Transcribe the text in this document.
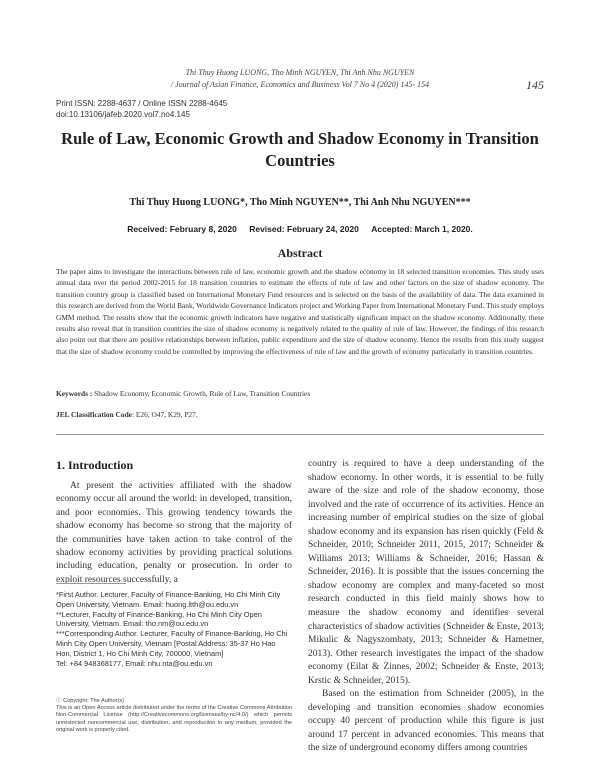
Thi Thuy Huong LUONG, Tho Minh NGUYEN, Thi Anh Nhu NGUYEN
/ Journal of Asian Finance, Economics and Business Vol 7 No 4 (2020) 145- 154	145
Print ISSN: 2288-4637 / Online ISSN 2288-4645
doi:10.13106/jafeb.2020.vol7.no4.145
Rule of Law, Economic Growth and Shadow Economy in Transition Countries
Thi Thuy Huong LUONG*, Tho Minh NGUYEN**, Thi Anh Nhu NGUYEN***
Received: February 8, 2020 Revised: February 24, 2020 Accepted: March 1, 2020.
Abstract
The paper aims to investigate the interactions between rule of law, economic growth and the shadow economy in 18 selected transition economies. This study uses annual data over the period 2002-2015 for 18 transition countries to estimate the effects of rule of law and other factors on the size of shadow economy. The transition country group is classified based on International Monetary Fund resources and is selected on the basis of the availability of data. The data examined in this research are derived from the World Bank, Worldwide Governance Indicators project and Working Paper from International Monetary Fund. This study employs GMM method. The results show that the economic growth indicators have negative and statistically significant impact on the shadow economy. Additionally, these results also reveal that in transition countries the size of shadow economy is negatively related to the quality of rule of law. However, the findings of this research also point out that there are positive relationships between inflation, public expenditure and the size of shadow economy. Hence the results from this study suggest that the size of shadow economy could be controlled by improving the effectiveness of rule of law and the growth of economy particularly in transition countries.
Keywords : Shadow Economy, Economic Growth, Rule of Law, Transition Countries
JEL Classification Code: E26, O47, K29, P27.
1. Introduction
At present the activities affiliated with the shadow economy occur all around the world: in developed, transition, and poor economies. This growing tendency towards the shadow economy has become so strong that the majority of the communities have taken action to take control of the shadow economy activities by providing practical solutions including education, penalty or prosecution. In order to exploit resources successfully, a

country is required to have a deep understanding of the shadow economy. In other words, it is essential to be fully aware of the size and role of the shadow economy, those involved and the rate of occurrence of its activities. Hence an increasing number of empirical studies on the size of global shadow economy and its expansion has risen quickly (Feld & Schneider, 2010; Schneider 2011, 2015, 2017; Schneider & Williams 2013; Williams & Schneider, 2016; Hassan & Schneider, 2016). It is possible that the issues concerning the shadow economy are complex and many-faceted so most research conducted in this field mainly shows how to measure the shadow economy and identifies several characteristics of shadow activities (Schneider & Enste, 2013; Mikulic & Nagyszombaty, 2013; Schneider & Hametner, 2013). Other research investigates the impact of the shadow economy (Eilat & Zinnes, 2002; Schneider & Enste, 2013; Krstic & Schneider, 2015).

Based on the estimation from Schneider (2005), in the developing and transition economies shadow economies occupy 40 percent of production while this figure is just around 17 percent in advanced economies. This means that the size of underground economy differs among countries

*First Author. Lecturer, Faculty of Finance-Banking, Ho Chi Minh City Open University, Vietnam. Email: huong.ltth@ou.edu.vn
**Lecturer, Faculty of Finance-Banking, Ho Chi Minh City Open University, Vietnam. Email: tho.nm@ou.edu.vn
***Corresponding Author. Lecturer, Faculty of Finance-Banking, Ho Chi Minh City Open University, Vietnam [Postal Address: 35-37 Ho Hao Hon, District 1, Ho Chi Minh City, 700000, Vietnam]
Tel: +84 948368177, Email: nhu.nta@ou.edu.vn
ⓒ Copyright: The Author(s)
This is an Open Access article distributed under the terms of the Creative Commons Attribution Non-Commercial License (http://Creativecommons.org/licenses/by-nc/4.0/) which permits unrestricted noncommercial use, distribution, and reproduction in any medium, provided the original work is properly cited.
